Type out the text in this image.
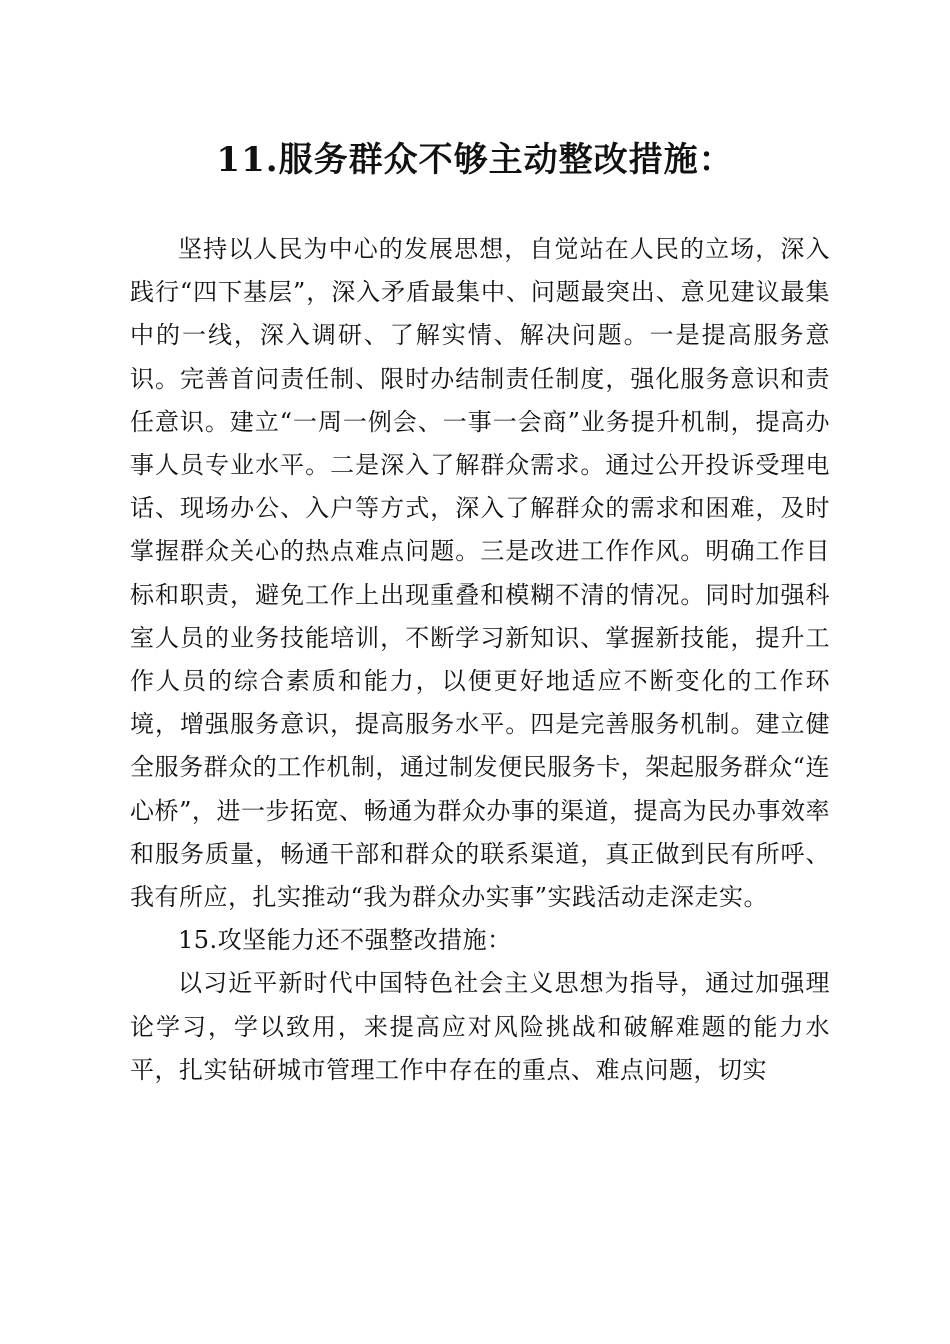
11.服务群众不够主动整改措施：

坚持以人民为中心的发展思想，自觉站在人民的立场，深入践行“四下基层”，深入矛盾最集中、问题最突出、意见建议最集中的一线，深入调研、了解实情、解决问题。一是提高服务意识。完善首问责任制、限时办结制责任制度，强化服务意识和责任意识。建立“一周一例会、一事一会商”业务提升机制，提高办事人员专业水平。二是深入了解群众需求。通过公开投诉受理电话、现场办公、入户等方式，深入了解群众的需求和困难，及时掌握群众关心的热点难点问题。三是改进工作作风。明确工作目标和职责，避免工作上出现重叠和模糊不清的情况。同时加强科室人员的业务技能培训，不断学习新知识、掌握新技能，提升工作人员的综合素质和能力，以便更好地适应不断变化的工作环境，增强服务意识，提高服务水平。四是完善服务机制。建立健全服务群众的工作机制，通过制发便民服务卡，架起服务群众“连心桥”，进一步拓宽、畅通为群众办事的渠道，提高为民办事效率和服务质量，畅通干部和群众的联系渠道，真正做到民有所呼、我有所应，扎实推动“我为群众办实事”实践活动走深走实。

15.攻坚能力还不强整改措施：

以习近平新时代中国特色社会主义思想为指导，通过加强理论学习，学以致用，来提高应对风险挑战和破解难题的能力水平，扎实钻研城市管理工作中存在的重点、难点问题，切实
